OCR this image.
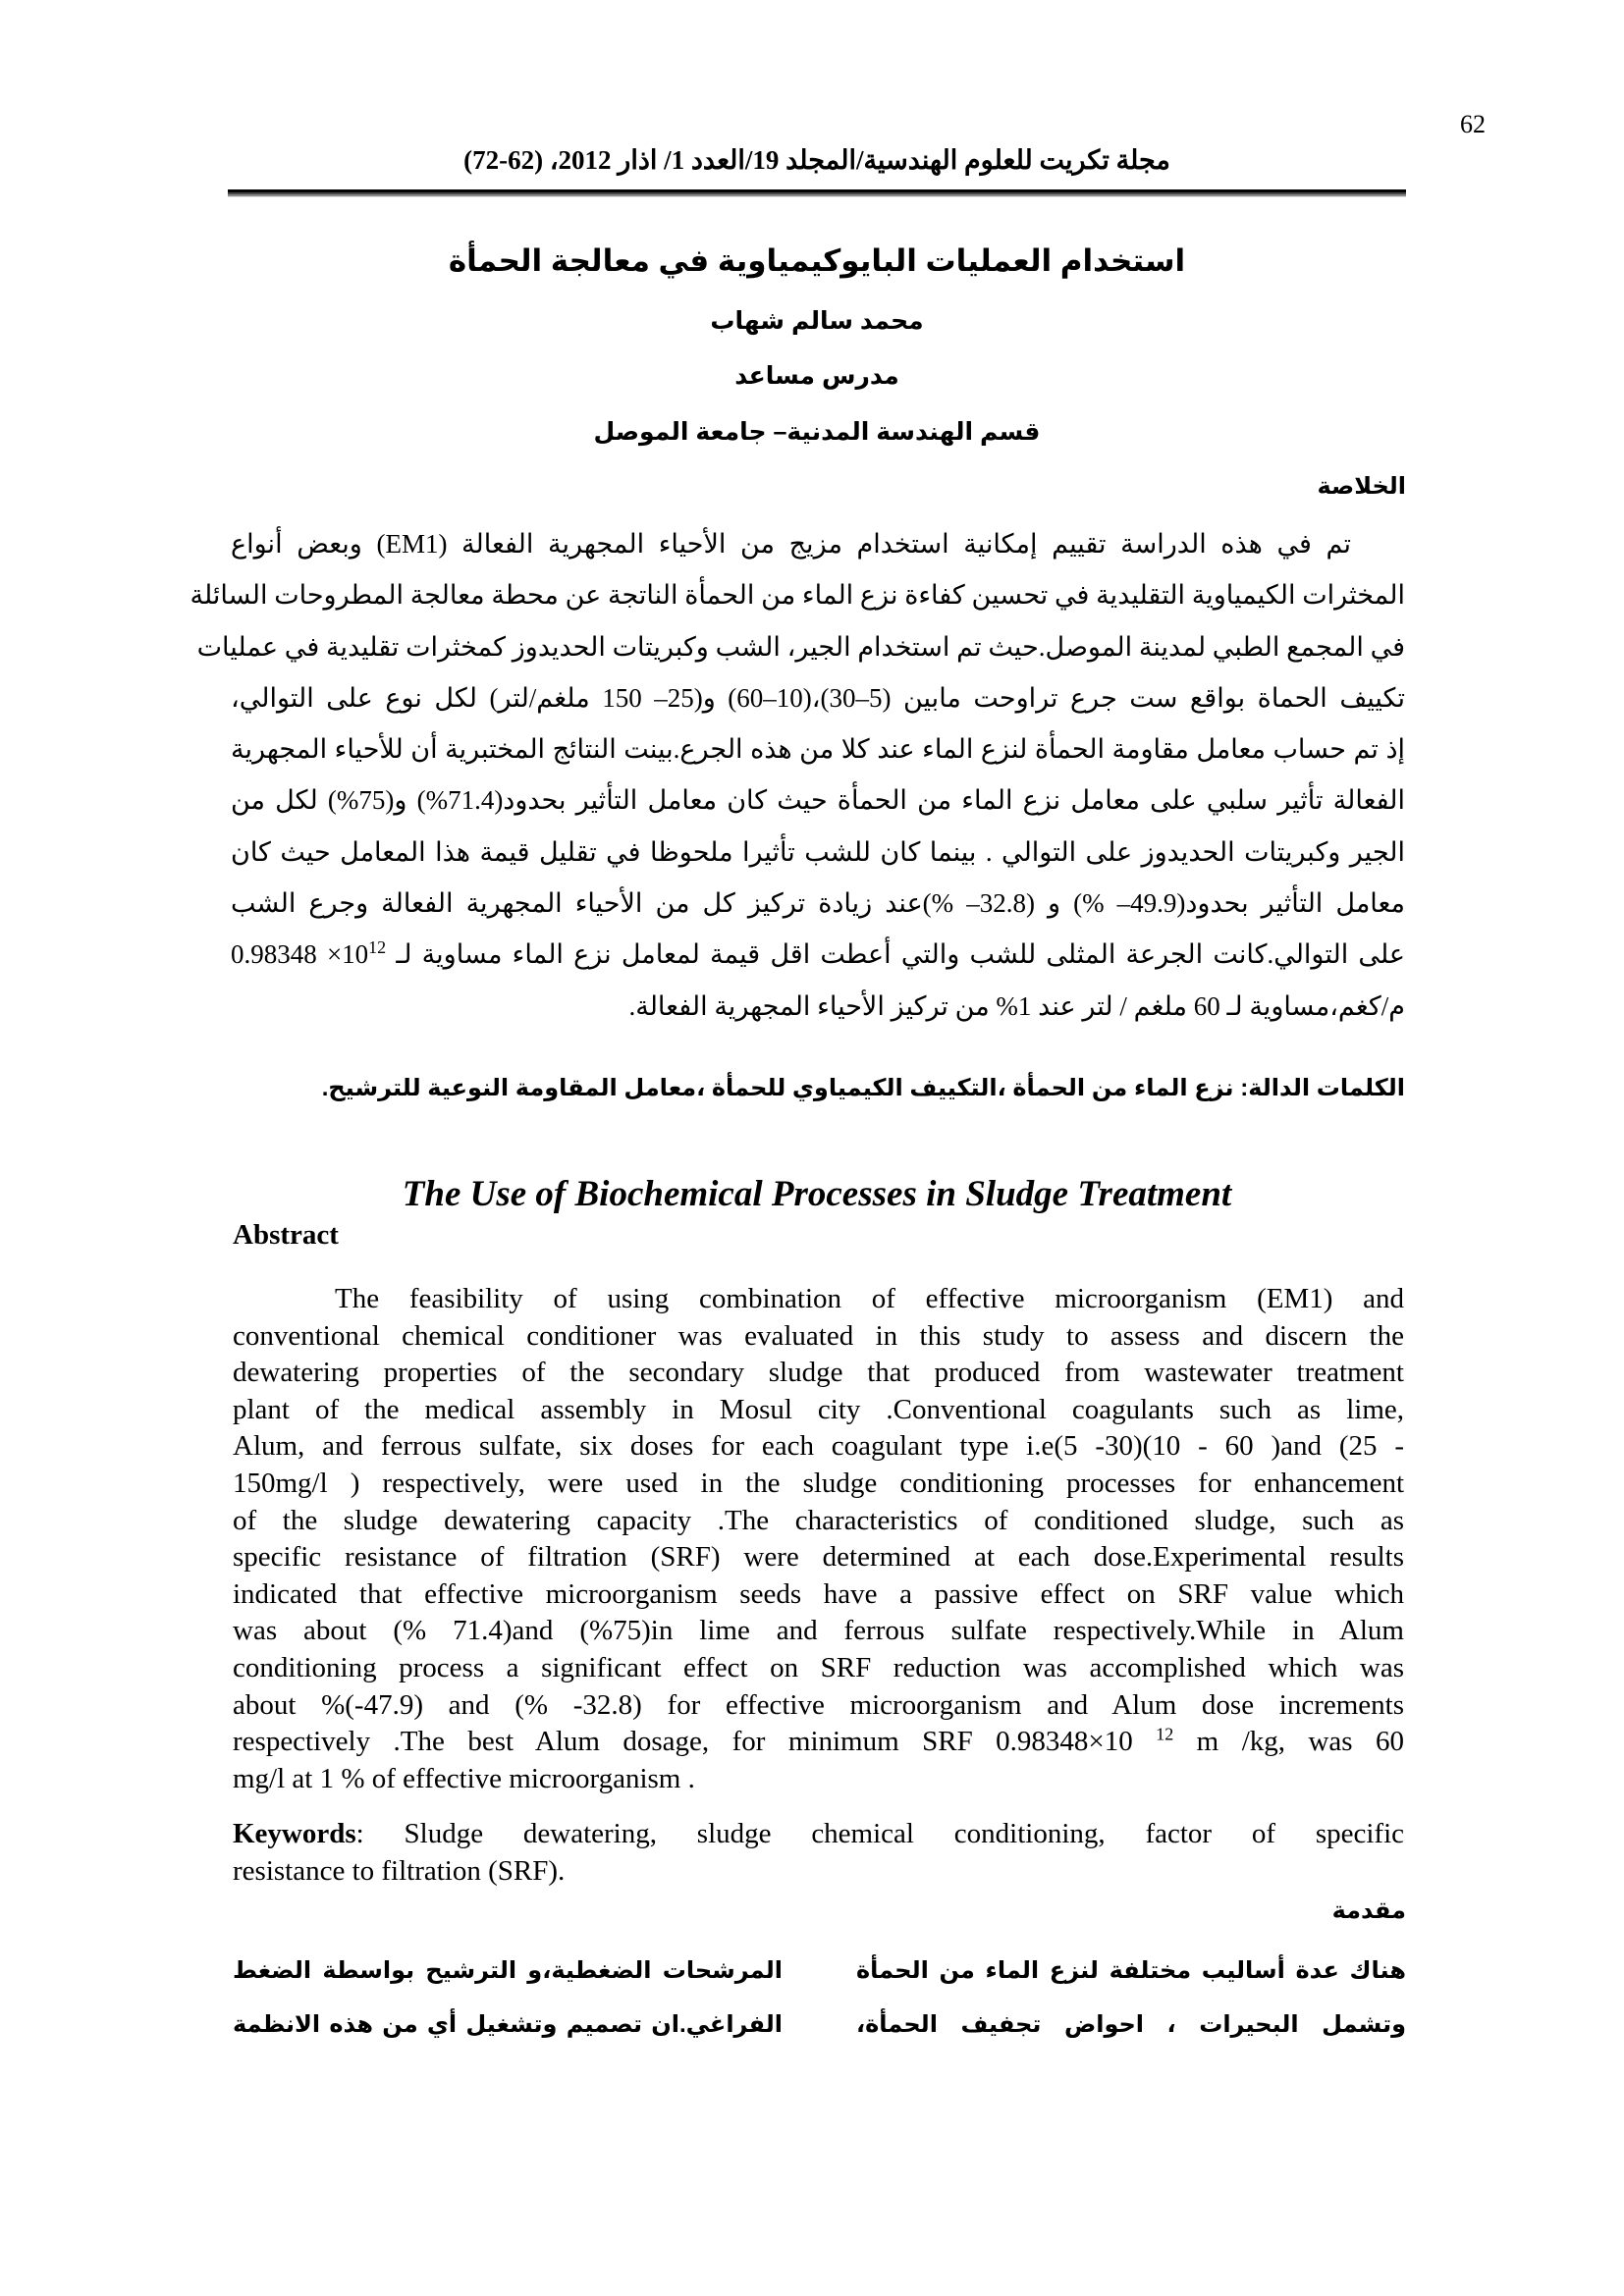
62
مجلة تكريت للعلوم الهندسية/المجلد 19/العدد 1/ اذار 2012، (62-72)
استخدام العمليات البايوكيمياوية في معالجة الحمأة
محمد سالم شهاب
مدرس مساعد
قسم الهندسة المدنية– جامعة الموصل
الخلاصة
تم في هذه الدراسة تقييم إمكانية استخدام مزيج من الأحياء المجهرية الفعالة (EM1) وبعض أنواع
المخثرات الكيمياوية التقليدية في تحسين كفاءة نزع الماء من الحمأة الناتجة عن محطة معالجة المطروحات السائلة
في المجمع الطبي لمدينة الموصل.حيث تم استخدام الجير، الشب وكبريتات الحديدوز كمخثرات تقليدية في عمليات
تكييف الحماة بواقع ست جرع تراوحت مابين (5–30)،(10–60) و(25– 150 ملغم/لتر) لكل نوع على التوالي،
إذ تم حساب معامل مقاومة الحمأة لنزع الماء عند كلا من هذه الجرع.بينت النتائج المختبرية أن للأحياء المجهرية
الفعالة تأثير سلبي على معامل نزع الماء من الحمأة حيث كان معامل التأثير بحدود(71.4%) و(75%) لكل من
الجير وكبريتات الحديدوز على التوالي . بينما كان للشب تأثيرا ملحوظا في تقليل قيمة هذا المعامل حيث كان
معامل التأثير بحدود(49.9– %) و (32.8– %)عند زيادة تركيز كل من الأحياء المجهرية الفعالة وجرع الشب
على التوالي.كانت الجرعة المثلى للشب والتي أعطت اقل قيمة لمعامل نزع الماء مساوية لـ $0.98348 \times 10^{12}$
م/كغم،مساوية لـ 60 ملغم / لتر عند 1% من تركيز الأحياء المجهرية الفعالة.
الكلمات الدالة: نزع الماء من الحمأة ،التكييف الكيمياوي للحمأة ،معامل المقاومة النوعية للترشيح.
The Use of Biochemical Processes in Sludge Treatment
Abstract
The feasibility of using combination of effective microorganism (EM1) and
conventional chemical conditioner was evaluated in this study to assess and discern the
dewatering properties of the secondary sludge that produced from wastewater treatment
plant of the medical assembly in Mosul city .Conventional coagulants such as lime,
Alum, and ferrous sulfate, six doses for each coagulant type i.e(5 -30)(10 - 60 )and (25 -
150mg/l ) respectively, were used in the sludge conditioning processes for enhancement
of the sludge dewatering capacity .The characteristics of conditioned sludge, such as
specific resistance of filtration (SRF) were determined at each dose.Experimental results
indicated that effective microorganism seeds have a passive effect on SRF value which
was about (% 71.4)and (%75)in lime and ferrous sulfate respectively.While in Alum
conditioning process a significant effect on SRF reduction was accomplished which was
about %(-47.9) and (% -32.8) for effective microorganism and Alum dose increments
respectively .The best Alum dosage, for minimum SRF 0.98348×10 $^{12}$ m /kg, was 60
mg/l at 1 % of effective microorganism .
Keywords: Sludge dewatering, sludge chemical conditioning, factor of specific
resistance to filtration (SRF).
مقدمة
هناك عدة أساليب مختلفة لنزع الماء من الحمأة
وتشمل البحيرات ، احواض تجفيف الحمأة،
المرشحات الضغطية،و الترشيح بواسطة الضغط
الفراغي.ان تصميم وتشغيل أي من هذه الانظمة
